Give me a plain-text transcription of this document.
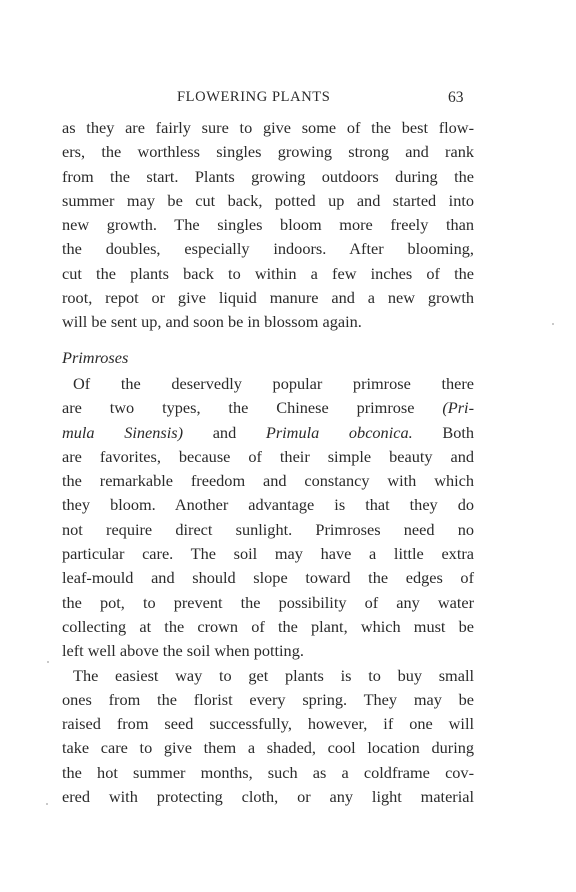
FLOWERING PLANTS	63
as they are fairly sure to give some of the best flow-
ers, the worthless singles growing strong and rank
from the start. Plants growing outdoors during the
summer may be cut back, potted up and started into
new growth. The singles bloom more freely than
the doubles, especially indoors. After blooming,
cut the plants back to within a few inches of the
root, repot or give liquid manure and a new growth
will be sent up, and soon be in blossom again.
Primroses
Of the deservedly popular primrose there
are two types, the Chinese primrose (Pri-
mula Sinensis) and Primula obconica. Both
are favorites, because of their simple beauty and
the remarkable freedom and constancy with which
they bloom. Another advantage is that they do
not require direct sunlight. Primroses need no
particular care. The soil may have a little extra
leaf-mould and should slope toward the edges of
the pot, to prevent the possibility of any water
collecting at the crown of the plant, which must be
left well above the soil when potting.
The easiest way to get plants is to buy small
ones from the florist every spring. They may be
raised from seed successfully, however, if one will
take care to give them a shaded, cool location during
the hot summer months, such as a coldframe cov-
ered with protecting cloth, or any light material
